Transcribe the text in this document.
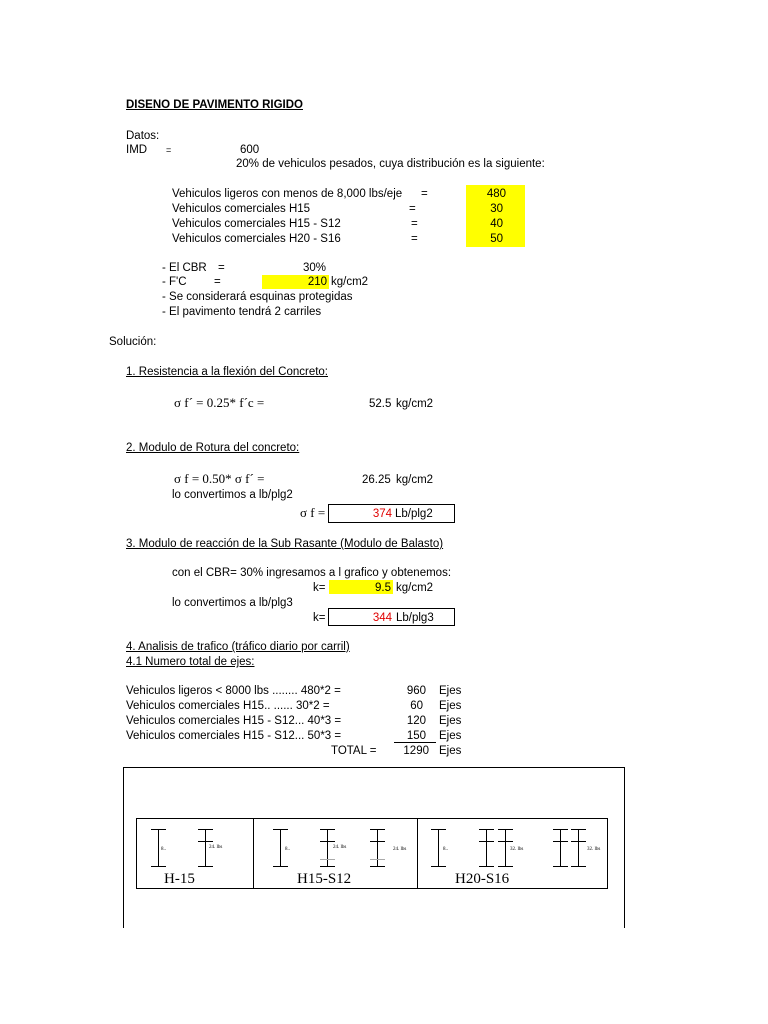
DISENO DE PAVIMENTO RIGIDO
Datos:
IMD =	600
20% de vehiculos pesados, cuya distribución es la siguiente:
Vehiculos ligeros con menos de 8,000 lbs/eje =	480
Vehiculos comerciales H15	=	30
Vehiculos comerciales H15 - S12	=	40
Vehiculos comerciales H20 - S16	=	50
- El CBR =	30%
- F'C =	210 kg/cm2
- Se considerará esquinas protegidas
- El pavimento tendrá 2 carriles
Solución:
1. Resistencia a la flexión del Concreto:
σ f´ = 0.25* f´c =	52.5 kg/cm2
2. Modulo de Rotura del concreto:
σ f = 0.50* σ f´ =	26.25 kg/cm2
lo convertimos a lb/plg2
σ f =	374 Lb/plg2
3. Modulo de reacción de la Sub Rasante (Modulo de Balasto)
con el CBR= 30% ingresamos a l grafico y obtenemos:
k=	9.5 kg/cm2
lo convertimos a lb/plg3
k=	344 Lb/plg3
4. Analisis de trafico (tráfico diario por carril)
4.1 Numero total de ejes:
Vehiculos ligeros < 8000 lbs ........ 480*2 =	960 Ejes
Vehiculos comerciales H15.. ...... 30*2 =	60 Ejes
Vehiculos comerciales H15 - S12... 40*3 =	120 Ejes
Vehiculos comerciales H15 - S12... 50*3 =	150 Ejes
TOTAL =	1290 Ejes
8..	24. lbs
H-15
8..	24. lbs	24. lbs
H15-S12
8..	32. lbs	32. lbs
H20-S16
